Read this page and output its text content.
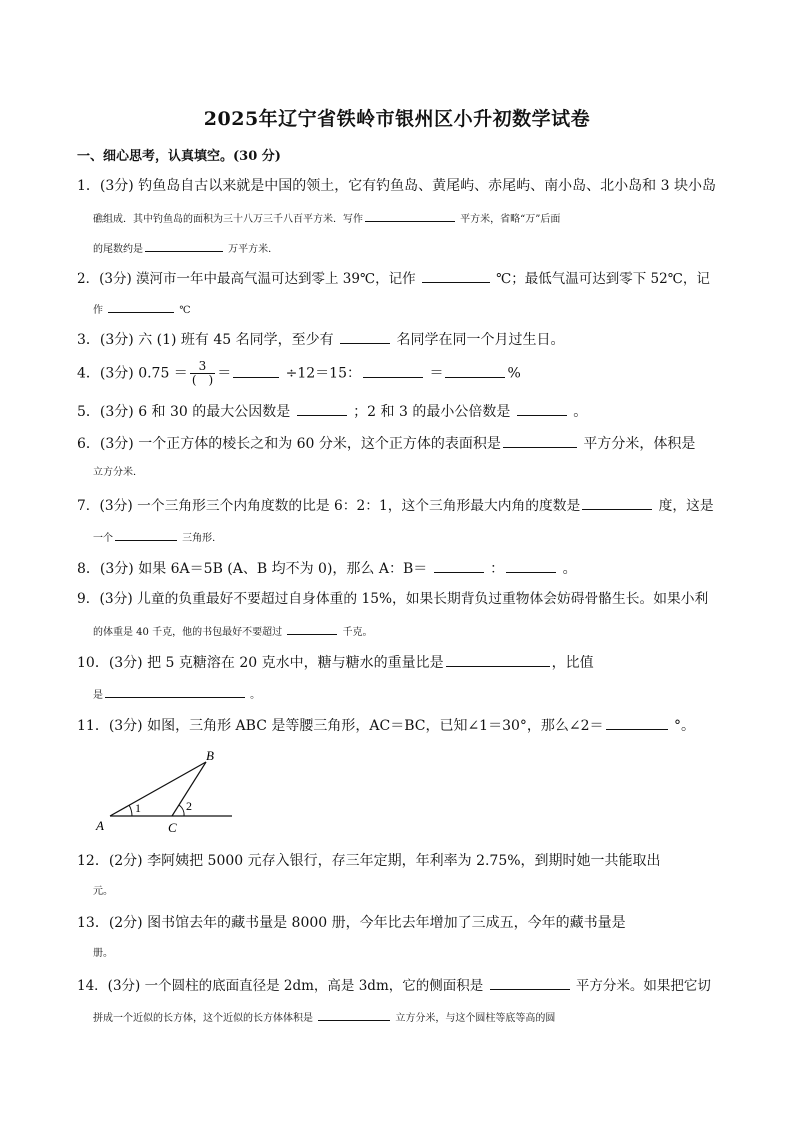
2025年辽宁省铁岭市银州区小升初数学试卷
一、细心思考，认真填空。(30 分)
1．(3分) 钓鱼岛自古以来就是中国的领土，它有钓鱼岛、黄尾屿、赤尾屿、南小岛、北小岛和 3 块小岛
礁组成．其中钓鱼岛的面积为三十八万三千八百平方米．写作	平方米，省略“万”后面
的尾数约是	万平方米．
2．(3分) 漠河市一年中最高气温可达到零上 39℃，记作	℃；最低气温可达到零下 52℃，记
作	℃
3．(3分) 六 (1) 班有 45 名同学，至少有	名同学在同一个月过生日。
4．(3分) $0.75 = \frac{3}{( )}$ ＝	÷12＝15：	＝	%
5．(3分) 6 和 30 的最大公因数是	；2 和 3 的最小公倍数是	。
6．(3分) 一个正方体的棱长之和为 60 分米，这个正方体的表面积是	平方分米，体积是
立方分米．
7．(3分) 一个三角形三个内角度数的比是 6：2：1，这个三角形最大内角的度数是	度，这是
一个	三角形．
8．(3分) 如果 6A＝5B (A、B 均不为 0)，那么 A：B＝	：	。
9．(3分) 儿童的负重最好不要超过自身体重的 15%，如果长期背负过重物体会妨碍骨骼生长。如果小利
的体重是 40 千克，他的书包最好不要超过	千克。
10．(3分) 把 5 克糖溶在 20 克水中，糖与糖水的重量比是	，比值
是	。
11．(3分) 如图，三角形 ABC 是等腰三角形，AC＝BC，已知∠1＝30°，那么∠2＝	°。
A
B
C
1	2
12．(2分) 李阿姨把 5000 元存入银行，存三年定期，年利率为 2.75%，到期时她一共能取出
元。
13．(2分) 图书馆去年的藏书量是 8000 册，今年比去年增加了三成五，今年的藏书量是
册。
14．(3分) 一个圆柱的底面直径是 2dm，高是 3dm，它的侧面积是	平方分米。如果把它切
拼成一个近似的长方体，这个近似的长方体体积是	立方分米，与这个圆柱等底等高的圆
